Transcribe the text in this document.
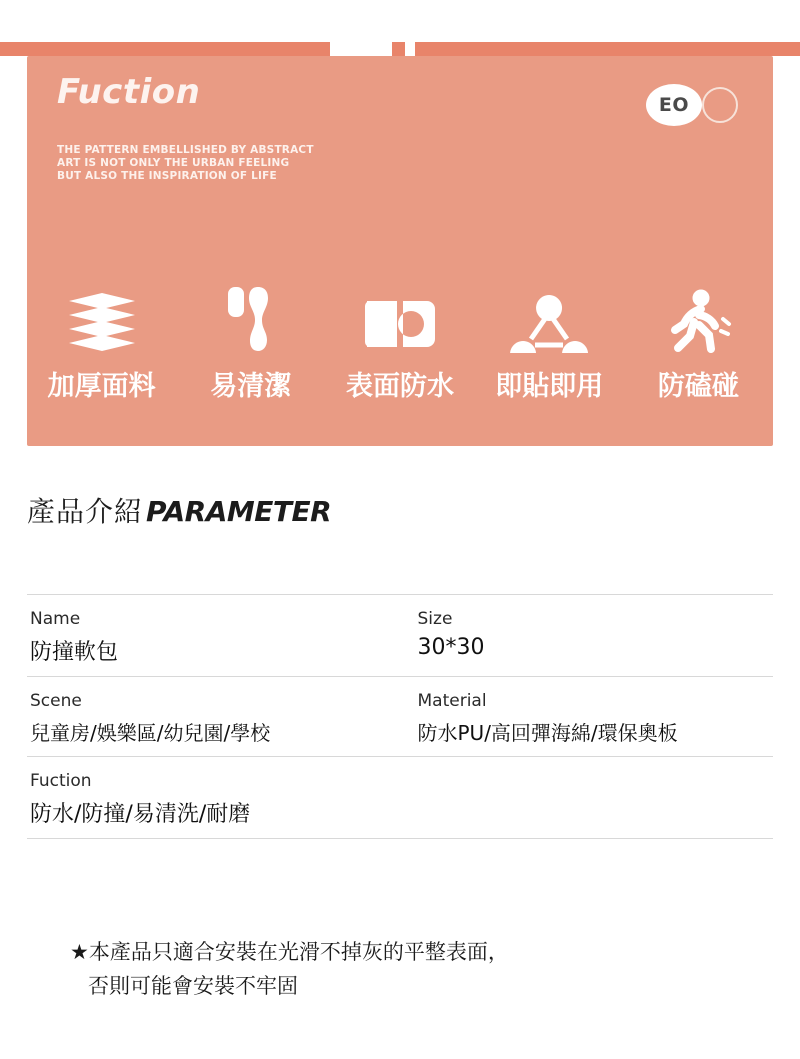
Fuction	EO
THE PATTERN EMBELLISHED BY ABSTRACT
ART IS NOT ONLY THE URBAN FEELING
BUT ALSO THE INSPIRATION OF LIFE
加厚面料	易清潔	表面防水	即貼即用	防磕碰
產品介紹 PARAMETER
Name
防撞軟包
Size
30*30
Scene
兒童房/娛樂區/幼兒園/學校
Material
防水PU/高回彈海綿/環保奧板
Fuction
防水/防撞/易清洗/耐磨
★本產品只適合安裝在光滑不掉灰的平整表面，
否則可能會安裝不牢固
